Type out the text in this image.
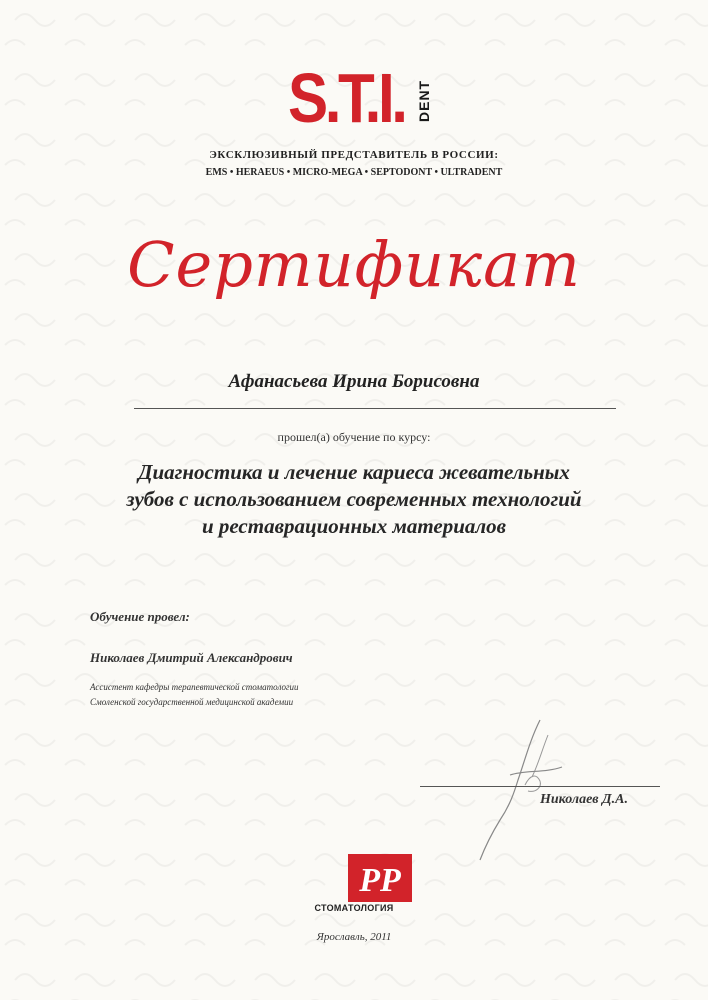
S.T.I. DENT
ЭКСКЛЮЗИВНЫЙ ПРЕДСТАВИТЕЛЬ В РОССИИ:
EMS • HERAEUS • MICRO-MEGA • SEPTODONT • ULTRADENT
Сертификат
Афанасьева Ирина Борисовна
прошел(а) обучение по курсу:
Диагностика и лечение кариеса жевательных
зубов с использованием современных технологий
и реставрационных материалов
Обучение провел:
Николаев Дмитрий Александрович
Ассистент кафедры терапевтической стоматологии
Смоленской государственной медицинской академии
Николаев Д.А.
РР
СТОМАТОЛОГИЯ
Ярославль, 2011
